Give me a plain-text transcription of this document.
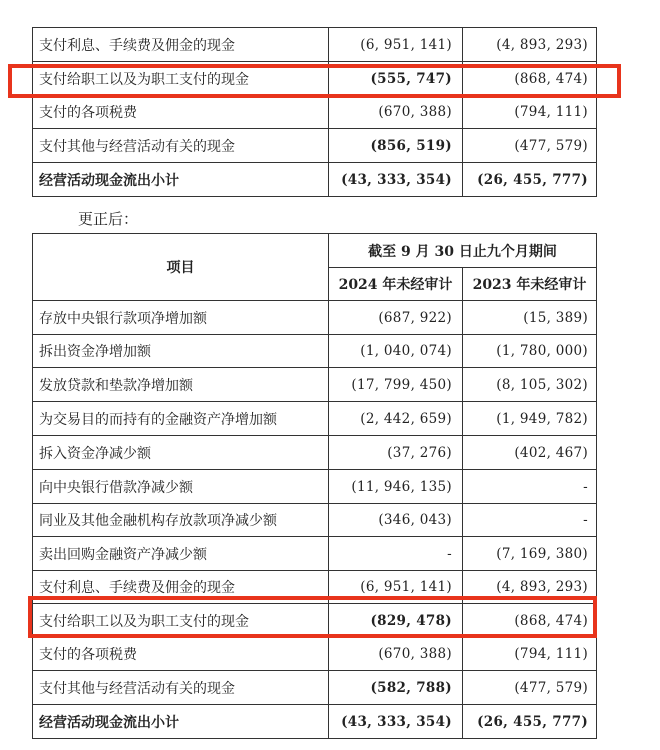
支付利息、手续费及佣金的现金	(6, 951, 141)	(4, 893, 293)
支付给职工以及为职工支付的现金	(555, 747)	(868, 474)
支付的各项税费	(670, 388)	(794, 111)
支付其他与经营活动有关的现金	(856, 519)	(477, 579)
经营活动现金流出小计	(43, 333, 354)	(26, 455, 777)
更正后：
项目	截至 9 月 30 日止九个月期间	
	2024 年未经审计	2023 年未经审计
存放中央银行款项净增加额	(687, 922)	(15, 389)
拆出资金净增加额	(1, 040, 074)	(1, 780, 000)
发放贷款和垫款净增加额	(17, 799, 450)	(8, 105, 302)
为交易目的而持有的金融资产净增加额	(2, 442, 659)	(1, 949, 782)
拆入资金净减少额	(37, 276)	(402, 467)
向中央银行借款净减少额	(11, 946, 135)	-
同业及其他金融机构存放款项净减少额	(346, 043)	-
卖出回购金融资产净减少额	-	(7, 169, 380)
支付利息、手续费及佣金的现金	(6, 951, 141)	(4, 893, 293)
支付给职工以及为职工支付的现金	(829, 478)	(868, 474)
支付的各项税费	(670, 388)	(794, 111)
支付其他与经营活动有关的现金	(582, 788)	(477, 579)
经营活动现金流出小计	(43, 333, 354)	(26, 455, 777)
